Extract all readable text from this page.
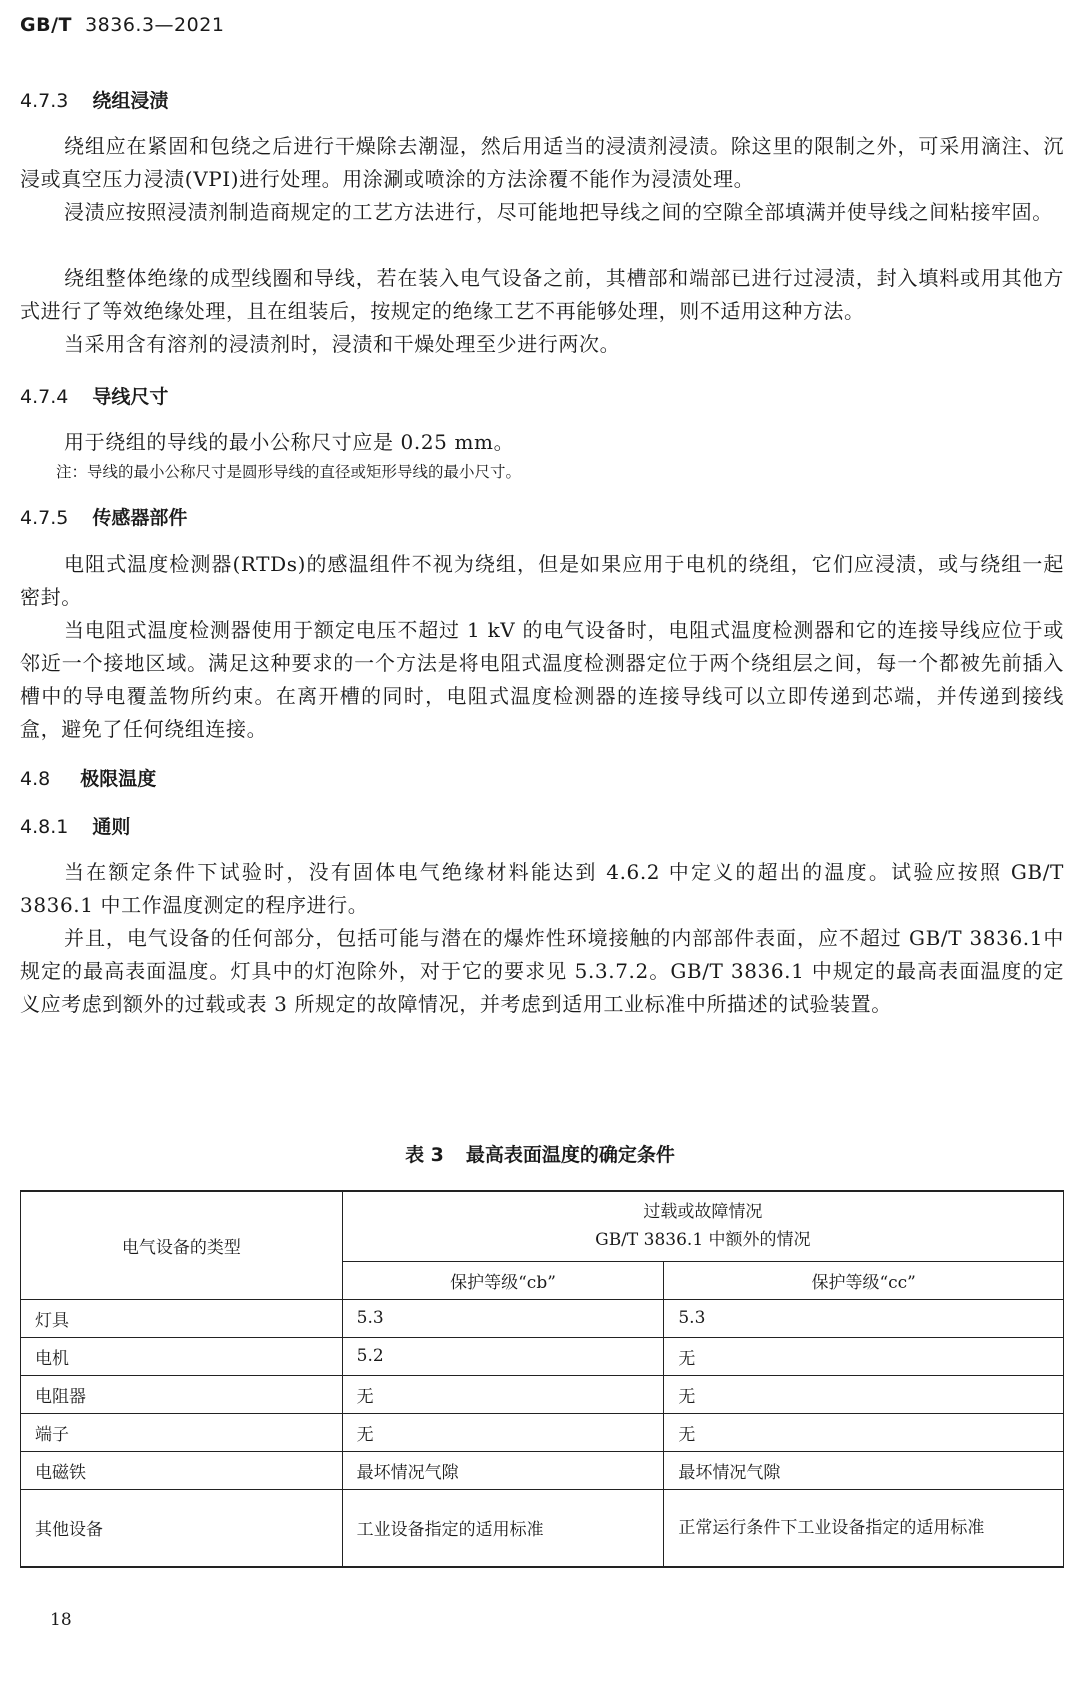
GB/T 3836.3—2021
4.7.3 绕组浸渍

绕组应在紧固和包绕之后进行干燥除去潮湿，然后用适当的浸渍剂浸渍。除这里的限制之外，可采用滴注、沉浸或真空压力浸渍(VPI)进行处理。用涂涮或喷涂的方法涂覆不能作为浸渍处理。

浸渍应按照浸渍剂制造商规定的工艺方法进行，尽可能地把导线之间的空隙全部填满并使导线之间粘接牢固。

绕组整体绝缘的成型线圈和导线，若在装入电气设备之前，其槽部和端部已进行过浸渍，封入填料或用其他方式进行了等效绝缘处理，且在组装后，按规定的绝缘工艺不再能够处理，则不适用这种方法。

当采用含有溶剂的浸渍剂时，浸渍和干燥处理至少进行两次。

4.7.4 导线尺寸

用于绕组的导线的最小公称尺寸应是 0.25 mm。

注：导线的最小公称尺寸是圆形导线的直径或矩形导线的最小尺寸。
4.7.5 传感器部件

电阻式温度检测器(RTDs)的感温组件不视为绕组，但是如果应用于电机的绕组，它们应浸渍，或与绕组一起密封。

当电阻式温度检测器使用于额定电压不超过 1 kV 的电气设备时，电阻式温度检测器和它的连接导线应位于或邻近一个接地区域。满足这种要求的一个方法是将电阻式温度检测器定位于两个绕组层之间，每一个都被先前插入槽中的导电覆盖物所约束。在离开槽的同时，电阻式温度检测器的连接导线可以立即传递到芯端，并传递到接线盒，避免了任何绕组连接。

4.8 极限温度
4.8.1 通则

当在额定条件下试验时，没有固体电气绝缘材料能达到 4.6.2 中定义的超出的温度。试验应按照 GB/T 3836.1 中工作温度测定的程序进行。

并且，电气设备的任何部分，包括可能与潜在的爆炸性环境接触的内部部件表面，应不超过 GB/T 3836.1中规定的最高表面温度。灯具中的灯泡除外，对于它的要求见 5.3.7.2。GB/T 3836.1 中规定的最高表面温度的定义应考虑到额外的过载或表 3 所规定的故障情况，并考虑到适用工业标准中所描述的试验装置。

表 3 最高表面温度的确定条件
电气设备的类型	过载或故障情况
GB/T 3836.1 中额外的情况	

	保护等级“cb”	保护等级“cc”
灯具	5.3	5.3
电机	5.2	无
电阻器	无	无
端子	无	无
电磁铁	最坏情况气隙	最坏情况气隙
其他设备	工业设备指定的适用标准	正常运行条件下工业设备指定的适用标准
18
